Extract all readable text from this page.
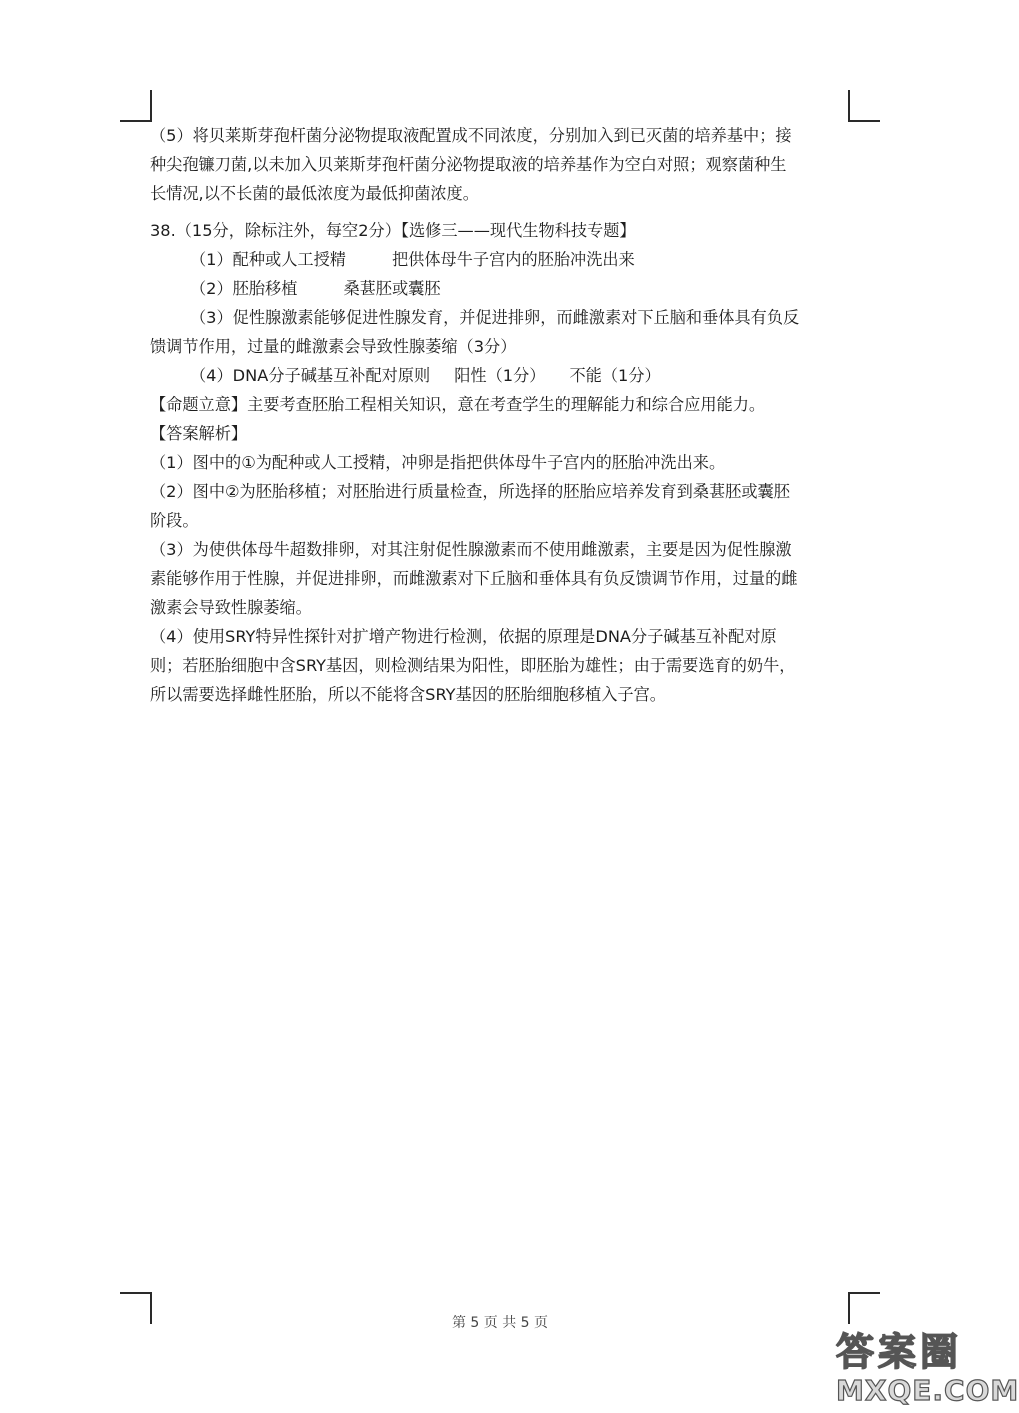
（5）将贝莱斯芽孢杆菌分泌物提取液配置成不同浓度，分别加入到已灭菌的培养基中；接

种尖孢镰刀菌,以未加入贝莱斯芽孢杆菌分泌物提取液的培养基作为空白对照；观察菌种生

长情况,以不长菌的最低浓度为最低抑菌浓度。

38.（15分，除标注外，每空2分）【选修三——现代生物科技专题】

（1）配种或人工授精	把供体母牛子宫内的胚胎冲洗出来

（2）胚胎移植	桑葚胚或囊胚

（3）促性腺激素能够促进性腺发育，并促进排卵，而雌激素对下丘脑和垂体具有负反

馈调节作用，过量的雌激素会导致性腺萎缩（3分）

（4）DNA分子碱基互补配对原则 阳性（1分） 不能（1分）

【命题立意】主要考查胚胎工程相关知识，意在考查学生的理解能力和综合应用能力。

【答案解析】

（1）图中的①为配种或人工授精，冲卵是指把供体母牛子宫内的胚胎冲洗出来。

（2）图中②为胚胎移植；对胚胎进行质量检查，所选择的胚胎应培养发育到桑葚胚或囊胚

阶段。

（3）为使供体母牛超数排卵，对其注射促性腺激素而不使用雌激素，主要是因为促性腺激

素能够作用于性腺，并促进排卵，而雌激素对下丘脑和垂体具有负反馈调节作用，过量的雌

激素会导致性腺萎缩。

（4）使用SRY特异性探针对扩增产物进行检测，依据的原理是DNA分子碱基互补配对原

则；若胚胎细胞中含SRY基因，则检测结果为阳性，即胚胎为雄性；由于需要选育的奶牛，

所以需要选择雌性胚胎，所以不能将含SRY基因的胚胎细胞移植入子宫。

第 5 页 共 5 页
答案圈
MXQE.COM
